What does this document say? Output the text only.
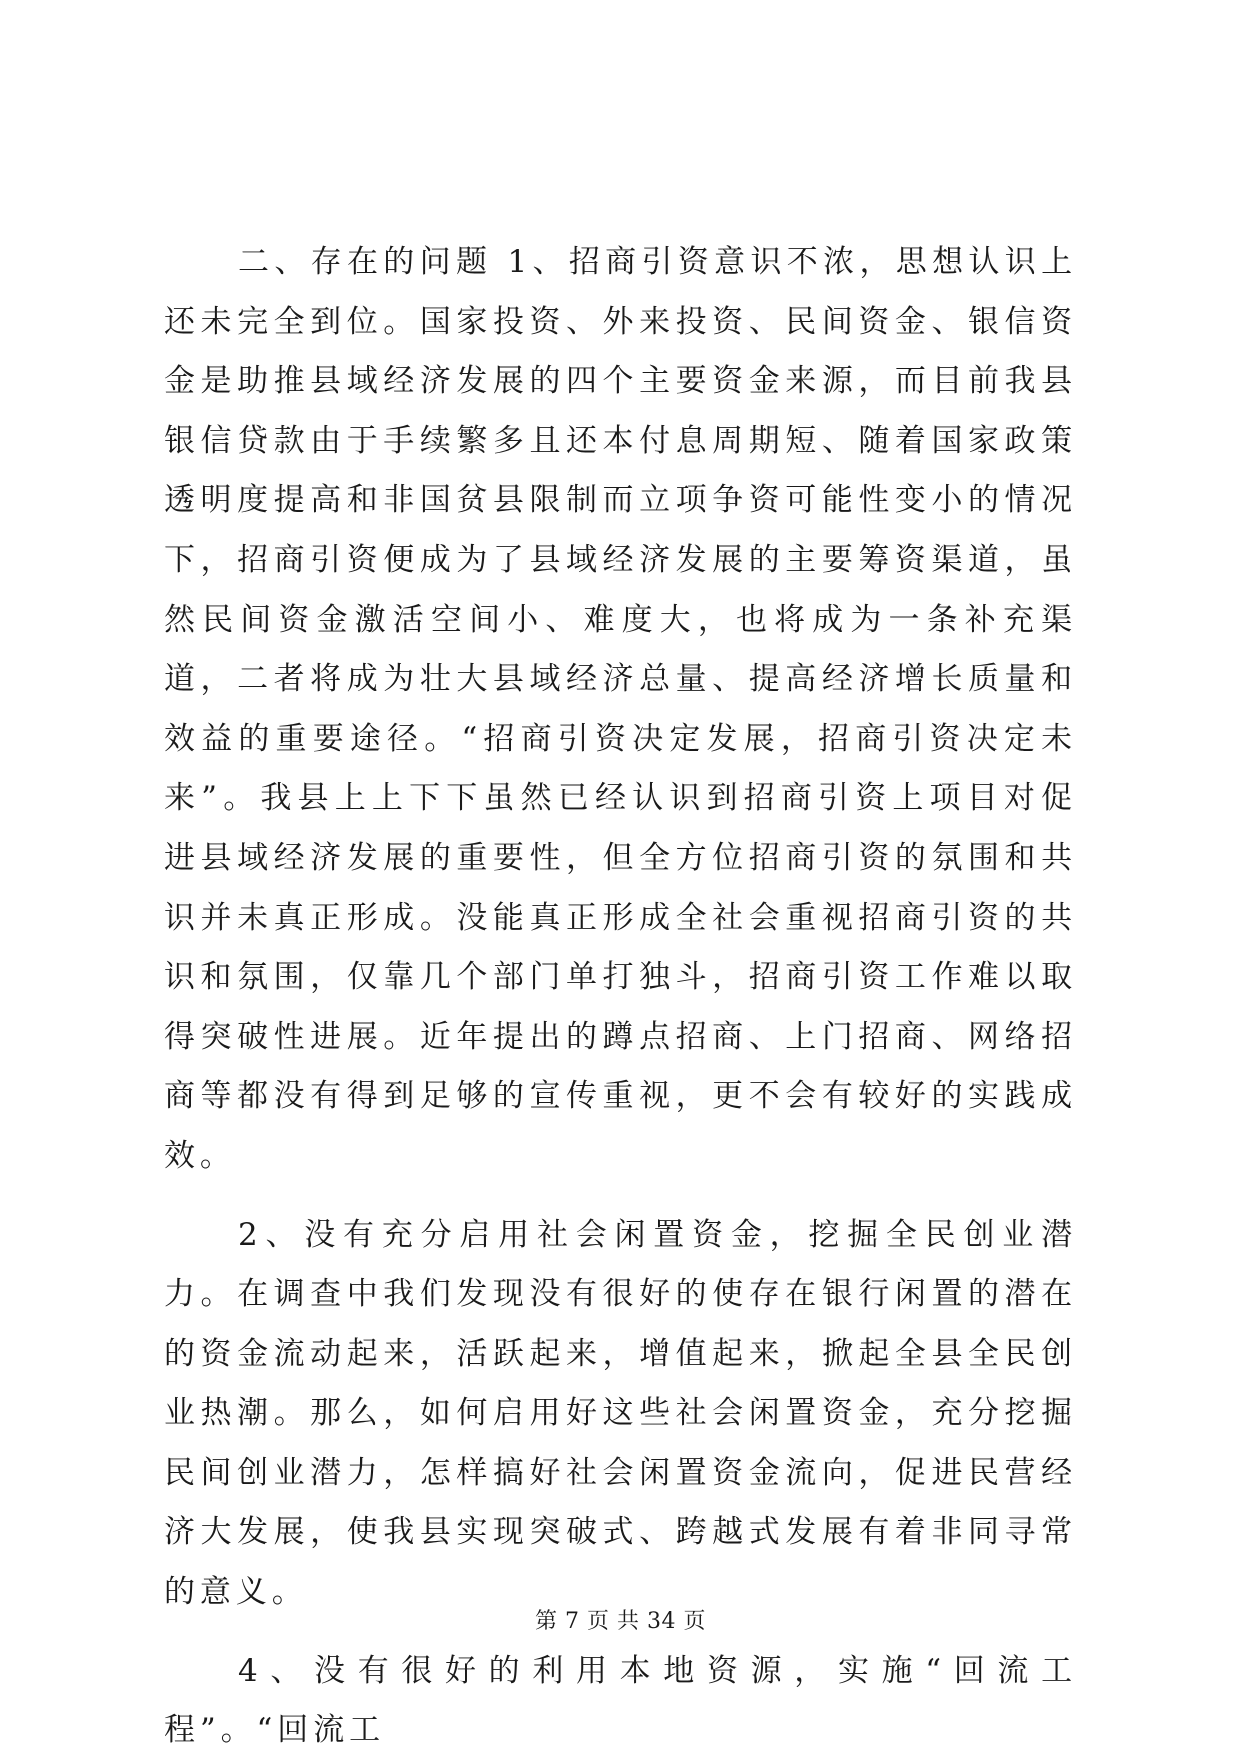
二、存在的问题 1、招商引资意识不浓，思想认识上还未完全到位。国家投资、外来投资、民间资金、银信资金是助推县域经济发展的四个主要资金来源，而目前我县银信贷款由于手续繁多且还本付息周期短、随着国家政策透明度提高和非国贫县限制而立项争资可能性变小的情况下，招商引资便成为了县域经济发展的主要筹资渠道，虽然民间资金激活空间小、难度大，也将成为一条补充渠道，二者将成为壮大县域经济总量、提高经济增长质量和效益的重要途径。“招商引资决定发展，招商引资决定未来”。我县上上下下虽然已经认识到招商引资上项目对促进县域经济发展的重要性，但全方位招商引资的氛围和共识并未真正形成。没能真正形成全社会重视招商引资的共识和氛围，仅靠几个部门单打独斗，招商引资工作难以取得突破性进展。近年提出的蹲点招商、上门招商、网络招商等都没有得到足够的宣传重视，更不会有较好的实践成效。

2、没有充分启用社会闲置资金，挖掘全民创业潜力。在调查中我们发现没有很好的使存在银行闲置的潜在的资金流动起来，活跃起来，增值起来，掀起全县全民创业热潮。那么，如何启用好这些社会闲置资金，充分挖掘民间创业潜力，怎样搞好社会闲置资金流向，促进民营经济大发展，使我县实现突破式、跨越式发展有着非同寻常的意义。

4、没有很好的利用本地资源，实施“回流工程”。“回流工

第 7 页 共 34 页
